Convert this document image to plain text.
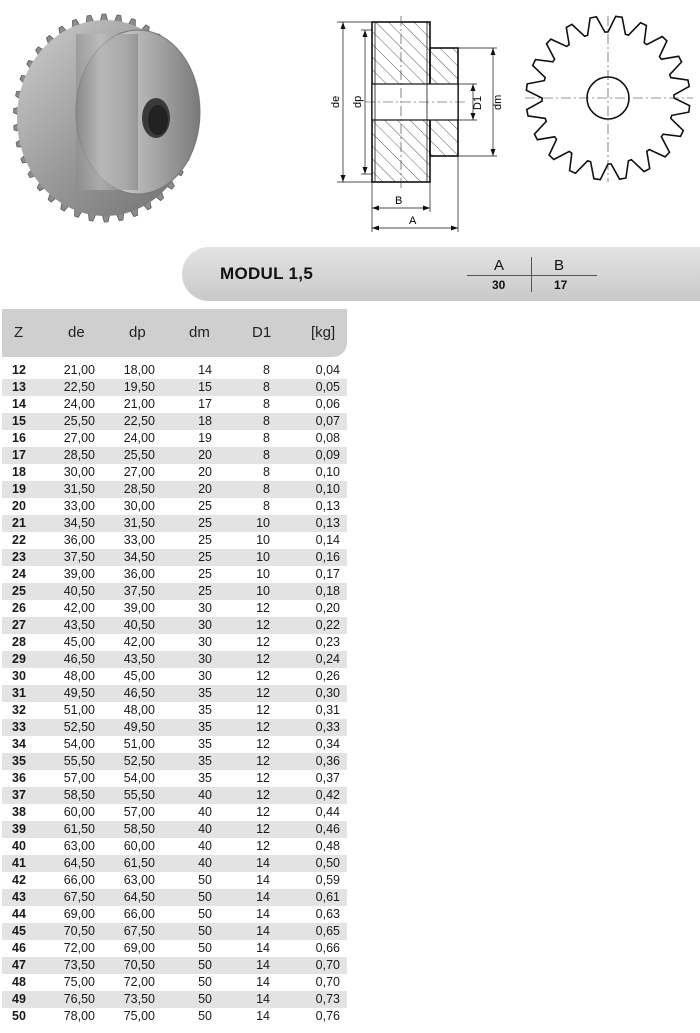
de dp	D1 dm
B
A
MODUL 1,5	A	B
30	17
Z	de	dp	dm	D1	[kg]
12	21,00	18,00	14	8	0,04
13	22,50	19,50	15	8	0,05
14	24,00	21,00	17	8	0,06
15	25,50	22,50	18	8	0,07
16	27,00	24,00	19	8	0,08
17	28,50	25,50	20	8	0,09
18	30,00	27,00	20	8	0,10
19	31,50	28,50	20	8	0,10
20	33,00	30,00	25	8	0,13
21	34,50	31,50	25	10	0,13
22	36,00	33,00	25	10	0,14
23	37,50	34,50	25	10	0,16
24	39,00	36,00	25	10	0,17
25	40,50	37,50	25	10	0,18
26	42,00	39,00	30	12	0,20
27	43,50	40,50	30	12	0,22
28	45,00	42,00	30	12	0,23
29	46,50	43,50	30	12	0,24
30	48,00	45,00	30	12	0,26
31	49,50	46,50	35	12	0,30
32	51,00	48,00	35	12	0,31
33	52,50	49,50	35	12	0,33
34	54,00	51,00	35	12	0,34
35	55,50	52,50	35	12	0,36
36	57,00	54,00	35	12	0,37
37	58,50	55,50	40	12	0,42
38	60,00	57,00	40	12	0,44
39	61,50	58,50	40	12	0,46
40	63,00	60,00	40	12	0,48
41	64,50	61,50	40	14	0,50
42	66,00	63,00	50	14	0,59
43	67,50	64,50	50	14	0,61
44	69,00	66,00	50	14	0,63
45	70,50	67,50	50	14	0,65
46	72,00	69,00	50	14	0,66
47	73,50	70,50	50	14	0,70
48	75,00	72,00	50	14	0,70
49	76,50	73,50	50	14	0,73
50	78,00	75,00	50	14	0,76
